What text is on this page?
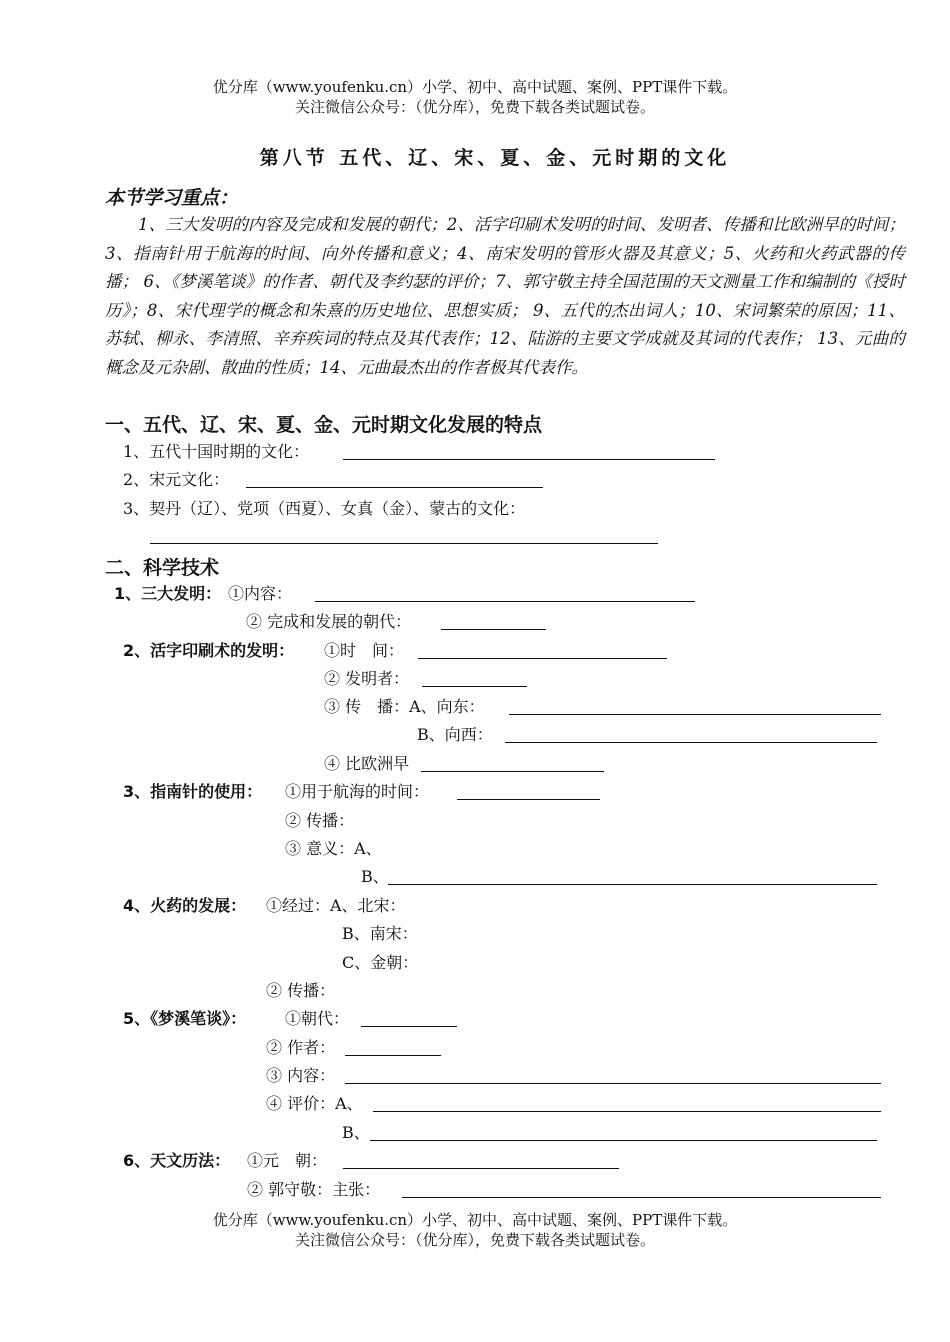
优分库（www.youfenku.cn）小学、初中、高中试题、案例、PPT课件下载。
关注微信公众号：（优分库），免费下载各类试题试卷。
第八节 五代、辽、宋、夏、金、元时期的文化
本节学习重点：
1、三大发明的内容及完成和发展的朝代；2、活字印刷术发明的时间、发明者、传播和比欧洲早的时间；3、指南针用于航海的时间、向外传播和意义；4、南宋发明的管形火器及其意义；5、火药和火药武器的传播； 6、《梦溪笔谈》的作者、朝代及李约瑟的评价；7、郭守敬主持全国范围的天文测量工作和编制的《授时历》；8、宋代理学的概念和朱熹的历史地位、思想实质； 9、五代的杰出词人；10、宋词繁荣的原因；11、苏轼、柳永、李清照、辛弃疾词的特点及其代表作；12、陆游的主要文学成就及其词的代表作； 13、元曲的概念及元杂剧、散曲的性质；14、元曲最杰出的作者极其代表作。
一、五代、辽、宋、夏、金、元时期文化发展的特点
1、五代十国时期的文化：
2、宋元文化：
3、契丹（辽）、党项（西夏）、女真（金）、蒙古的文化：
二、科学技术
1、三大发明： ①内容：
② 完成和发展的朝代：
2、活字印刷术的发明： ①时　间：
② 发明者：
③ 传　播：A、向东：
B、向西：
④ 比欧洲早
3、指南针的使用： ①用于航海的时间：
② 传播：
③ 意义：A、
B、
4、火药的发展： ①经过：A、北宋：
B、南宋：
C、金朝：
② 传播：
5、《梦溪笔谈》： ①朝代：
② 作者：
③ 内容：
④ 评价：A、
B、
6、天文历法： ①元　朝：
② 郭守敬：主张：
优分库（www.youfenku.cn）小学、初中、高中试题、案例、PPT课件下载。
关注微信公众号：（优分库），免费下载各类试题试卷。
